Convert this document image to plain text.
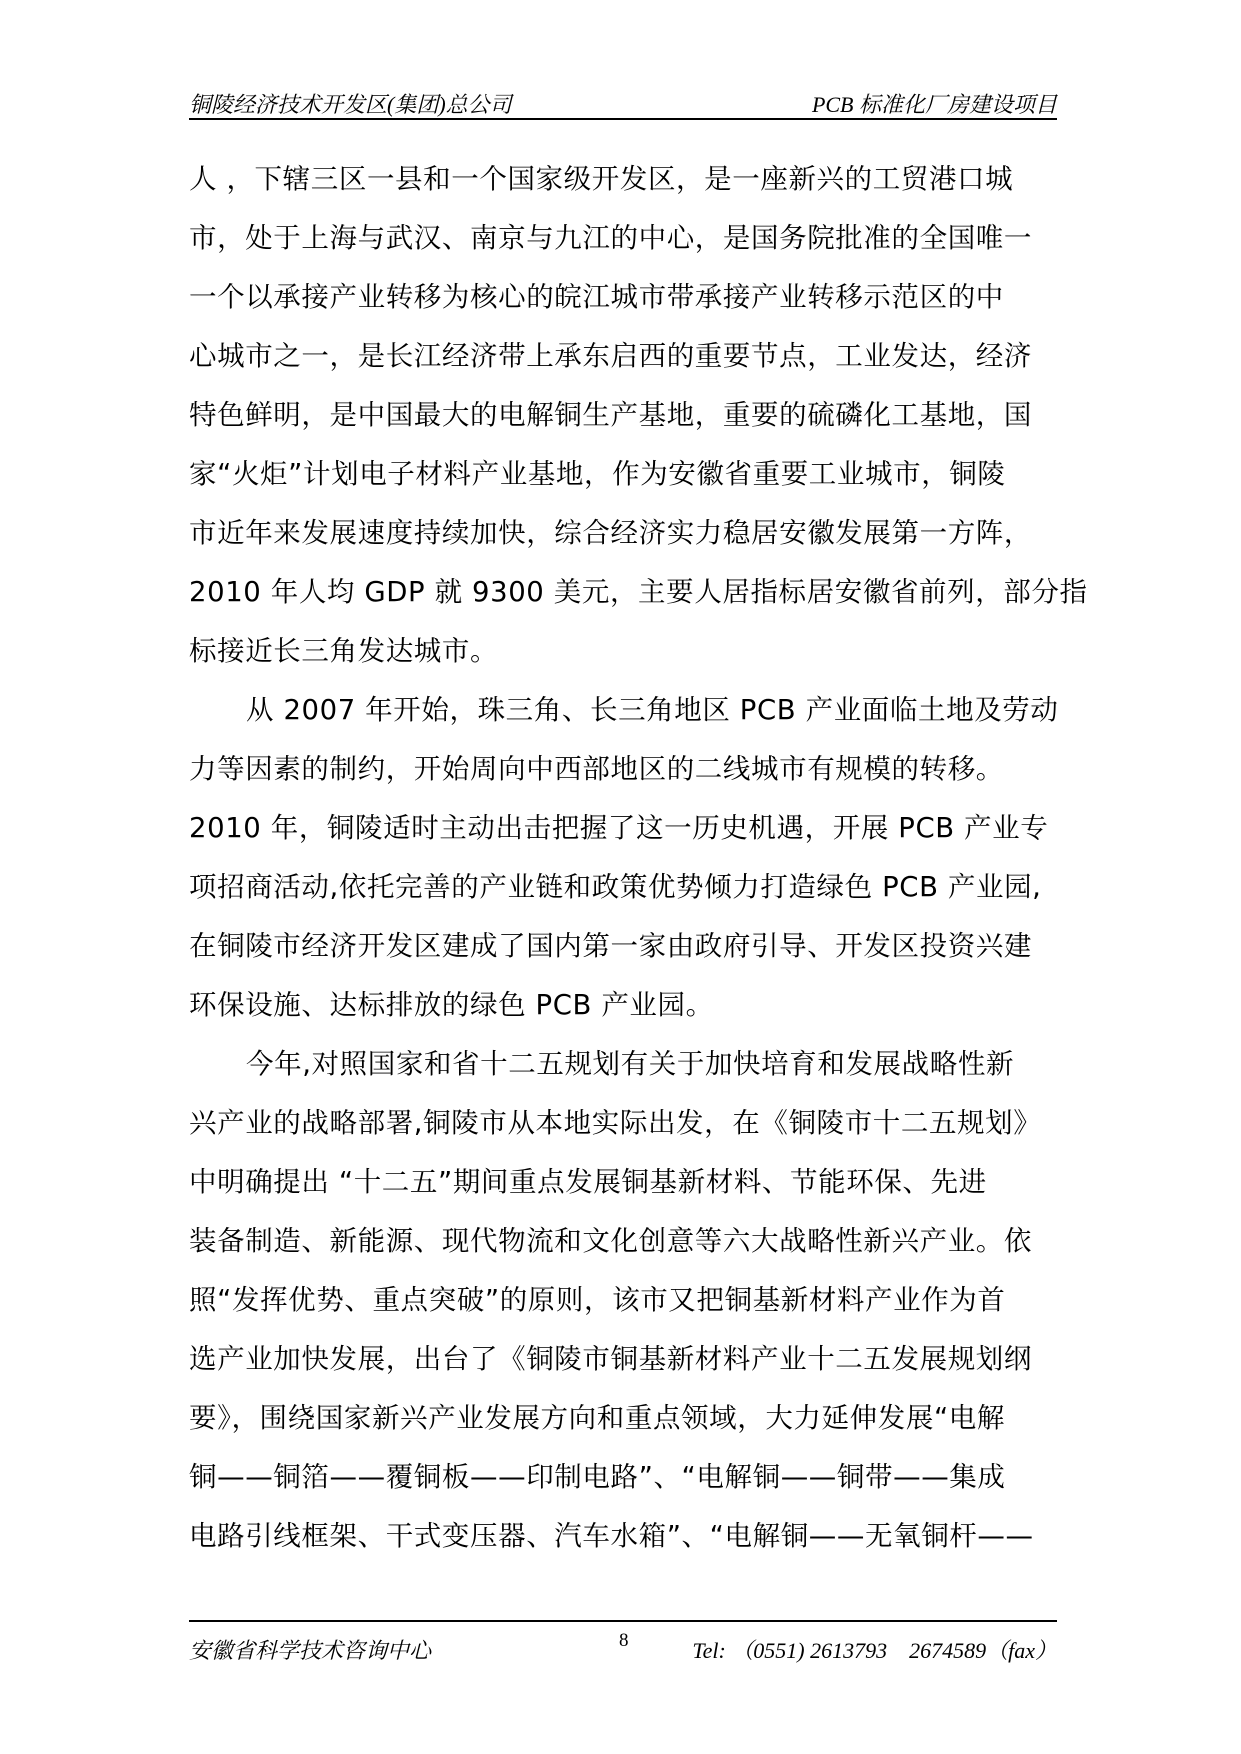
铜陵经济技术开发区(集团)总公司	PCB 标准化厂房建设项目
人 ，下辖三区一县和一个国家级开发区，是一座新兴的工贸港口城
市，处于上海与武汉、南京与九江的中心，是国务院批准的全国唯一
一个以承接产业转移为核心的皖江城市带承接产业转移示范区的中
心城市之一，是长江经济带上承东启西的重要节点，工业发达，经济
特色鲜明，是中国最大的电解铜生产基地，重要的硫磷化工基地，国
家“火炬”计划电子材料产业基地，作为安徽省重要工业城市，铜陵
市近年来发展速度持续加快，综合经济实力稳居安徽发展第一方阵，
2010 年人均 GDP 就 9300 美元，主要人居指标居安徽省前列，部分指
标接近长三角发达城市。
从 2007 年开始，珠三角、长三角地区 PCB 产业面临土地及劳动
力等因素的制约，开始周向中西部地区的二线城市有规模的转移。
2010 年，铜陵适时主动出击把握了这一历史机遇，开展 PCB 产业专
项招商活动,依托完善的产业链和政策优势倾力打造绿色 PCB 产业园,
在铜陵市经济开发区建成了国内第一家由政府引导、开发区投资兴建
环保设施、达标排放的绿色 PCB 产业园。
今年,对照国家和省十二五规划有关于加快培育和发展战略性新
兴产业的战略部署,铜陵市从本地实际出发，在《铜陵市十二五规划》
中明确提出 “十二五”期间重点发展铜基新材料、节能环保、先进
装备制造、新能源、现代物流和文化创意等六大战略性新兴产业。依
照“发挥优势、重点突破”的原则，该市又把铜基新材料产业作为首
选产业加快发展，出台了《铜陵市铜基新材料产业十二五发展规划纲
要》，围绕国家新兴产业发展方向和重点领域，大力延伸发展“电解
铜——铜箔——覆铜板——印制电路”、“电解铜——铜带——集成
电路引线框架、干式变压器、汽车水箱”、“电解铜——无氧铜杆——
安徽省科学技术咨询中心	8	Tel: （0551) 2613793　2674589（fax）
